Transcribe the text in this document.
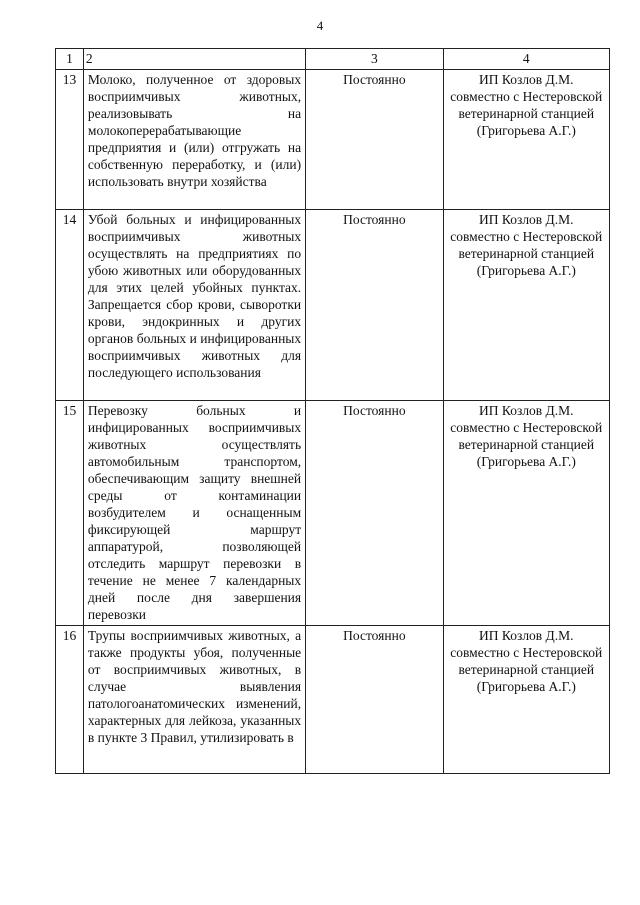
4
1	2	3	4
13	Молоко, полученное от здоровых восприимчивых животных, реализовывать на молокоперерабатывающие предприятия и (или) отгружать на собственную переработку, и (или) использовать внутри хозяйства	Постоянно	ИП Козлов Д.М. совместно с Нестеровской ветеринарной станцией (Григорьева А.Г.)
14	Убой больных и инфицированных восприимчивых животных осуществлять на предприятиях по убою животных или оборудованных для этих целей убойных пунктах. Запрещается сбор крови, сыворотки крови, эндокринных и других органов больных и инфицированных восприимчивых животных для последующего использования	Постоянно	ИП Козлов Д.М. совместно с Нестеровской ветеринарной станцией (Григорьева А.Г.)
15	Перевозку больных и инфицированных восприимчивых животных осуществлять автомобильным транспортом, обеспечивающим защиту внешней среды от контаминации возбудителем и оснащенным фиксирующей маршрут аппаратурой, позволяющей отследить маршрут перевозки в течение не менее 7 календарных дней после дня завершения перевозки	Постоянно	ИП Козлов Д.М. совместно с Нестеровской ветеринарной станцией (Григорьева А.Г.)
16	Трупы восприимчивых животных, а также продукты убоя, полученные от восприимчивых животных, в случае выявления патологоанатомических изменений, характерных для лейкоза, указанных в пункте 3 Правил, утилизировать в	Постоянно	ИП Козлов Д.М. совместно с Нестеровской ветеринарной станцией (Григорьева А.Г.)
